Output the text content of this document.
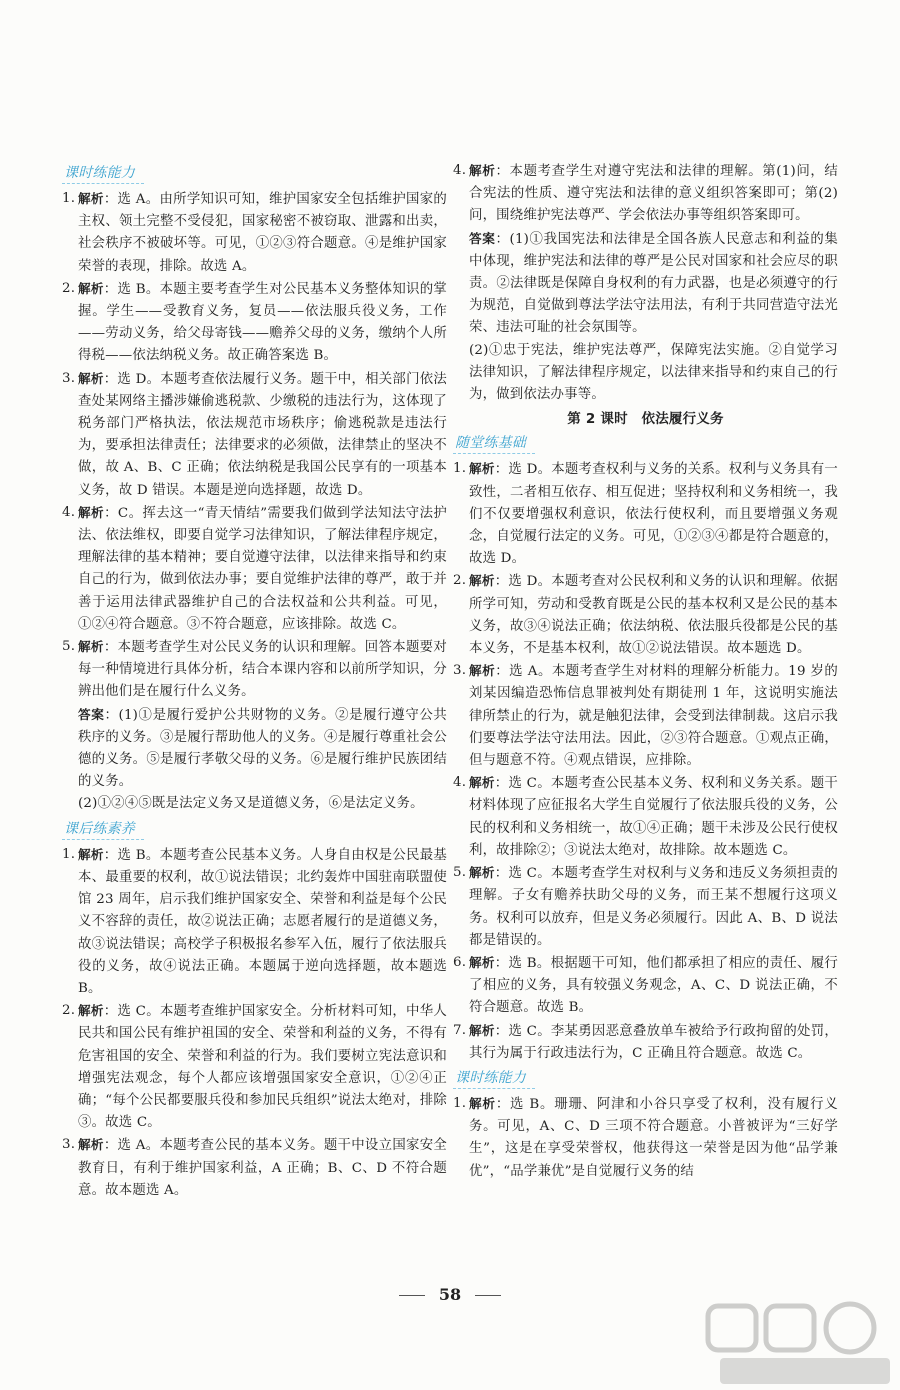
课时练能力

1. 解析：选 A。由所学知识可知，维护国家安全包括维护国家的主权、领土完整不受侵犯，国家秘密不被窃取、泄露和出卖，社会秩序不被破坏等。可见，①②③符合题意。④是维护国家荣誉的表现，排除。故选 A。

2. 解析：选 B。本题主要考查学生对公民基本义务整体知识的掌握。学生——受教育义务，复员——依法服兵役义务，工作——劳动义务，给父母寄钱——赡养父母的义务，缴纳个人所得税——依法纳税义务。故正确答案选 B。

3. 解析：选 D。本题考查依法履行义务。题干中，相关部门依法查处某网络主播涉嫌偷逃税款、少缴税的违法行为，这体现了税务部门严格执法，依法规范市场秩序；偷逃税款是违法行为，要承担法律责任；法律要求的必须做，法律禁止的坚决不做，故 A、B、C 正确；依法纳税是我国公民享有的一项基本义务，故 D 错误。本题是逆向选择题，故选 D。

4. 解析：C。挥去这一“青天情结”需要我们做到学法知法守法护法、依法维权，即要自觉学习法律知识，了解法律程序规定，理解法律的基本精神；要自觉遵守法律，以法律来指导和约束自己的行为，做到依法办事；要自觉维护法律的尊严，敢于并善于运用法律武器维护自己的合法权益和公共利益。可见，①②④符合题意。③不符合题意，应该排除。故选 C。

5. 解析：本题考查学生对公民义务的认识和理解。回答本题要对每一种情境进行具体分析，结合本课内容和以前所学知识，分辨出他们是在履行什么义务。

答案：(1)①是履行爱护公共财物的义务。②是履行遵守公共秩序的义务。③是履行帮助他人的义务。④是履行尊重社会公德的义务。⑤是履行孝敬父母的义务。⑥是履行维护民族团结的义务。

(2)①②④⑤既是法定义务又是道德义务，⑥是法定义务。

课后练素养

1. 解析：选 B。本题考查公民基本义务。人身自由权是公民最基本、最重要的权利，故①说法错误；北约轰炸中国驻南联盟使馆 23 周年，启示我们维护国家安全、荣誉和利益是每个公民义不容辞的责任，故②说法正确；志愿者履行的是道德义务，故③说法错误；高校学子积极报名参军入伍，履行了依法服兵役的义务，故④说法正确。本题属于逆向选择题，故本题选 B。

2. 解析：选 C。本题考查维护国家安全。分析材料可知，中华人民共和国公民有维护祖国的安全、荣誉和利益的义务，不得有危害祖国的安全、荣誉和利益的行为。我们要树立宪法意识和增强宪法观念，每个人都应该增强国家安全意识，①②④正确；“每个公民都要服兵役和参加民兵组织”说法太绝对，排除③。故选 C。

3. 解析：选 A。本题考查公民的基本义务。题干中设立国家安全教育日，有利于维护国家利益，A 正确；B、C、D 不符合题意。故本题选 A。

4. 解析：本题考查学生对遵守宪法和法律的理解。第(1)问，结合宪法的性质、遵守宪法和法律的意义组织答案即可；第(2)问，围绕维护宪法尊严、学会依法办事等组织答案即可。

答案：(1)①我国宪法和法律是全国各族人民意志和利益的集中体现，维护宪法和法律的尊严是公民对国家和社会应尽的职责。②法律既是保障自身权利的有力武器，也是必须遵守的行为规范，自觉做到尊法学法守法用法，有利于共同营造守法光荣、违法可耻的社会氛围等。

(2)①忠于宪法，维护宪法尊严，保障宪法实施。②自觉学习法律知识，了解法律程序规定，以法律来指导和约束自己的行为，做到依法办事等。

第 2 课时　依法履行义务
随堂练基础

1. 解析：选 D。本题考查权利与义务的关系。权利与义务具有一致性，二者相互依存、相互促进；坚持权利和义务相统一，我们不仅要增强权利意识，依法行使权利，而且要增强义务观念，自觉履行法定的义务。可见，①②③④都是符合题意的，故选 D。

2. 解析：选 D。本题考查对公民权利和义务的认识和理解。依据所学可知，劳动和受教育既是公民的基本权利又是公民的基本义务，故③④说法正确；依法纳税、依法服兵役都是公民的基本义务，不是基本权利，故①②说法错误。故本题选 D。

3. 解析：选 A。本题考查学生对材料的理解分析能力。19 岁的刘某因编造恐怖信息罪被判处有期徒刑 1 年，这说明实施法律所禁止的行为，就是触犯法律，会受到法律制裁。这启示我们要尊法学法守法用法。因此，②③符合题意。①观点正确，但与题意不符。④观点错误，应排除。

4. 解析：选 C。本题考查公民基本义务、权利和义务关系。题干材料体现了应征报名大学生自觉履行了依法服兵役的义务，公民的权利和义务相统一，故①④正确；题干未涉及公民行使权利，故排除②；③说法太绝对，故排除。故本题选 C。

5. 解析：选 C。本题考查学生对权利与义务和违反义务须担责的理解。子女有赡养扶助父母的义务，而王某不想履行这项义务。权利可以放弃，但是义务必须履行。因此 A、B、D 说法都是错误的。

6. 解析：选 B。根据题干可知，他们都承担了相应的责任、履行了相应的义务，具有较强义务观念，A、C、D 说法正确，不符合题意。故选 B。

7. 解析：选 C。李某勇因恶意叠放单车被给予行政拘留的处罚，其行为属于行政违法行为，C 正确且符合题意。故选 C。

课时练能力

1. 解析：选 B。珊珊、阿津和小谷只享受了权利，没有履行义务。可见，A、C、D 三项不符合题意。小普被评为“三好学生”，这是在享受荣誉权，他获得这一荣誉是因为他“品学兼优”，“品学兼优”是自觉履行义务的结

58
